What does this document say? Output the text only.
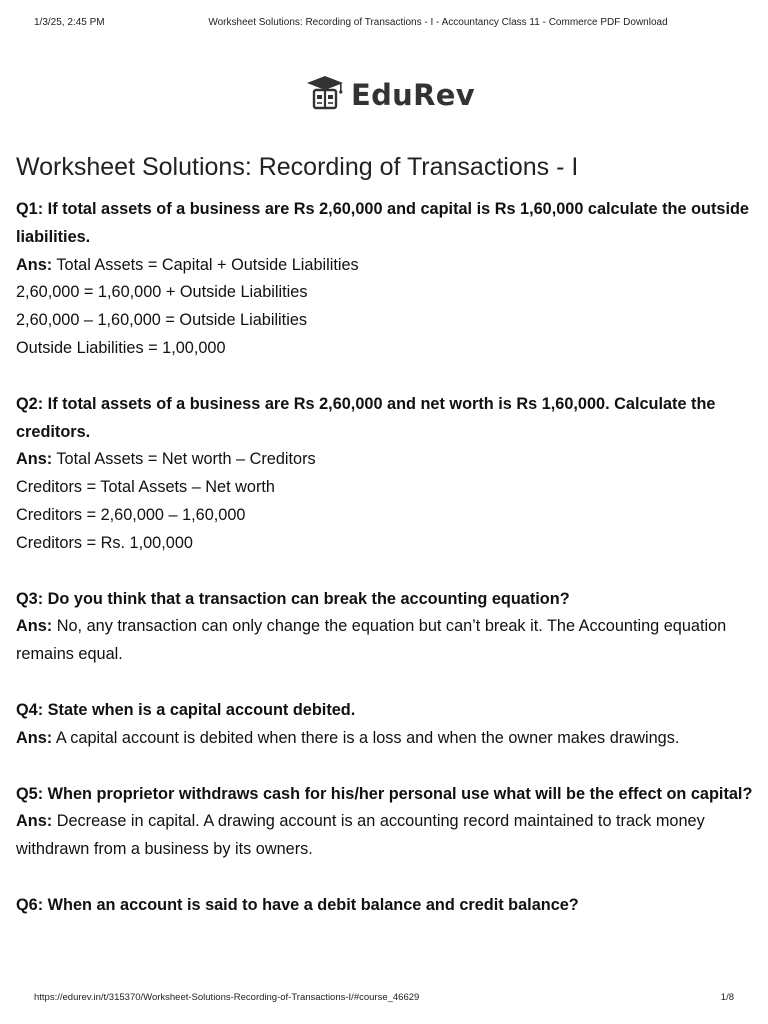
1/3/25, 2:45 PM	Worksheet Solutions: Recording of Transactions - I - Accountancy Class 11 - Commerce PDF Download
EduRev
Worksheet Solutions: Recording of Transactions - I

Q1: If total assets of a business are Rs 2,60,000 and capital is Rs 1,60,000 calculate the outside liabilities.

Ans: Total Assets = Capital + Outside Liabilities

2,60,000 = 1,60,000 + Outside Liabilities

2,60,000 – 1,60,000 = Outside Liabilities

Outside Liabilities = 1,00,000

Q2: If total assets of a business are Rs 2,60,000 and net worth is Rs 1,60,000. Calculate the creditors.

Ans: Total Assets = Net worth – Creditors

Creditors = Total Assets – Net worth

Creditors = 2,60,000 – 1,60,000

Creditors = Rs. 1,00,000

Q3: Do you think that a transaction can break the accounting equation?

Ans: No, any transaction can only change the equation but can’t break it. The Accounting equation remains equal.

Q4: State when is a capital account debited.

Ans: A capital account is debited when there is a loss and when the owner makes drawings.

Q5: When proprietor withdraws cash for his/her personal use what will be the effect on capital?

Ans: Decrease in capital. A drawing account is an accounting record maintained to track money withdrawn from a business by its owners.

Q6: When an account is said to have a debit balance and credit balance?

https://edurev.in/t/315370/Worksheet-Solutions-Recording-of-Transactions-I/#course_46629	1/8
